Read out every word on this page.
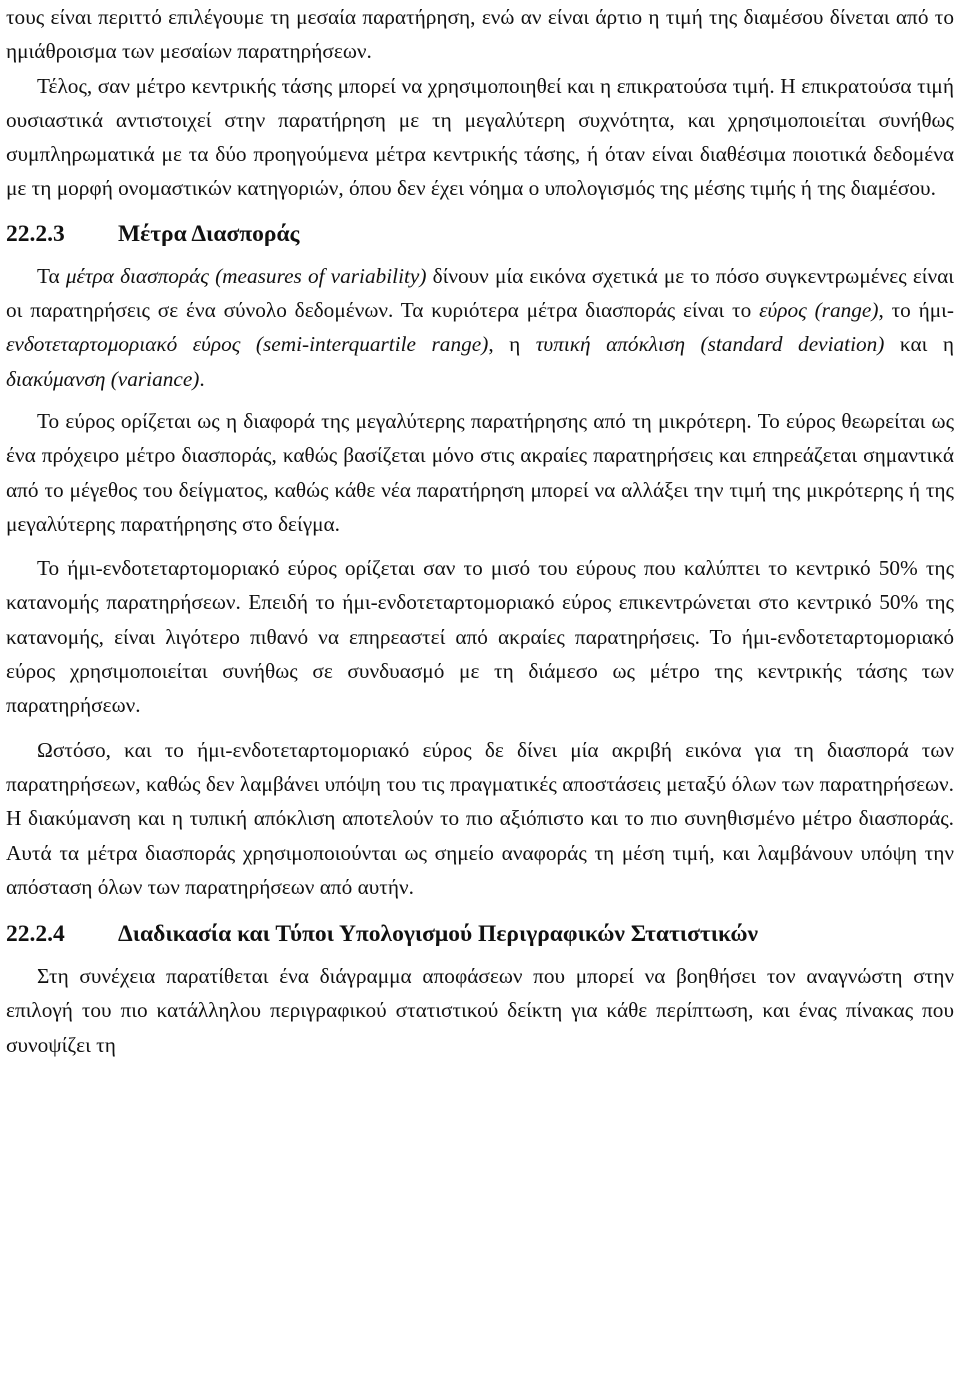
τους είναι περιττό επιλέγουμε τη μεσαία παρατήρηση, ενώ αν είναι άρτιο η τιμή της διαμέσου δίνεται από το ημιάθροισμα των μεσαίων παρατηρήσεων.

Τέλος, σαν μέτρο κεντρικής τάσης μπορεί να χρησιμοποιηθεί και η επικρατούσα τιμή. Η επικρατούσα τιμή ουσιαστικά αντιστοιχεί στην παρατήρηση με τη μεγαλύτερη συχνότητα, και χρησιμοποιείται συνήθως συμπληρωματικά με τα δύο προηγούμενα μέτρα κεντρικής τάσης, ή όταν είναι διαθέσιμα ποιοτικά δεδομένα με τη μορφή ονομαστικών κατηγοριών, όπου δεν έχει νόημα ο υπολογισμός της μέσης τιμής ή της διαμέσου.

22.2.3	Μέτρα Διασποράς

Τα μέτρα διασποράς (measures of variability) δίνουν μία εικόνα σχετικά με το πόσο συγκεντρωμένες είναι οι παρατηρήσεις σε ένα σύνολο δεδομένων. Τα κυριότερα μέτρα διασποράς είναι το εύρος (range), το ήμι-ενδοτεταρτομοριακό εύρος (semi-interquartile range), η τυπική απόκλιση (standard deviation) και η διακύμανση (variance).

Το εύρος ορίζεται ως η διαφορά της μεγαλύτερης παρατήρησης από τη μικρότερη. Το εύρος θεωρείται ως ένα πρόχειρο μέτρο διασποράς, καθώς βασίζεται μόνο στις ακραίες παρατηρήσεις και επηρεάζεται σημαντικά από το μέγεθος του δείγματος, καθώς κάθε νέα παρατήρηση μπορεί να αλλάξει την τιμή της μικρότερης ή της μεγαλύτερης παρατήρησης στο δείγμα.

Το ήμι-ενδοτεταρτομοριακό εύρος ορίζεται σαν το μισό του εύρους που καλύπτει το κεντρικό 50% της κατανομής παρατηρήσεων. Επειδή το ήμι-ενδοτεταρτομοριακό εύρος επικεντρώνεται στο κεντρικό 50% της κατανομής, είναι λιγότερο πιθανό να επηρεαστεί από ακραίες παρατηρήσεις. Το ήμι-ενδοτεταρτομοριακό εύρος χρησιμοποιείται συνήθως σε συνδυασμό με τη διάμεσο ως μέτρο της κεντρικής τάσης των παρατηρήσεων.

Ωστόσο, και το ήμι-ενδοτεταρτομοριακό εύρος δε δίνει μία ακριβή εικόνα για τη διασπορά των παρατηρήσεων, καθώς δεν λαμβάνει υπόψη του τις πραγματικές αποστάσεις μεταξύ όλων των παρατηρήσεων. Η διακύμανση και η τυπική απόκλιση αποτελούν το πιο αξιόπιστο και το πιο συνηθισμένο μέτρο διασποράς. Αυτά τα μέτρα διασποράς χρησιμοποιούνται ως σημείο αναφοράς τη μέση τιμή, και λαμβάνουν υπόψη την απόσταση όλων των παρατηρήσεων από αυτήν.

22.2.4	Διαδικασία και Τύποι Υπολογισμού Περιγραφικών Στατιστικών

Στη συνέχεια παρατίθεται ένα διάγραμμα αποφάσεων που μπορεί να βοηθήσει τον αναγνώστη στην επιλογή του πιο κατάλληλου περιγραφικού στατιστικού δείκτη για κάθε περίπτωση, και ένας πίνακας που συνοψίζει τη
